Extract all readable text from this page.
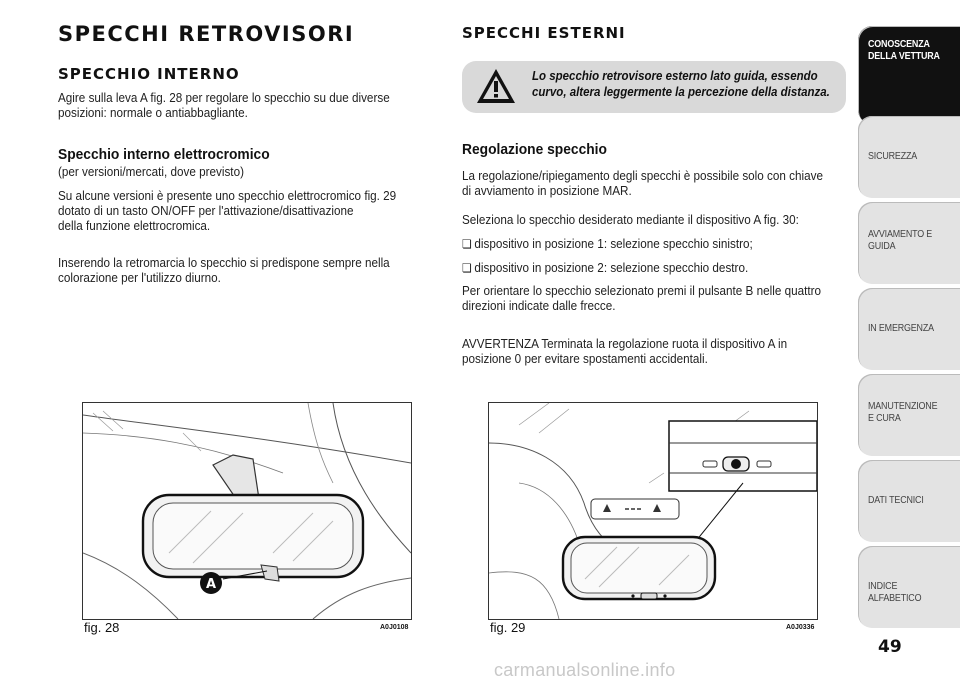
SPECCHI RETROVISORI
SPECCHIO INTERNO

Agire sulla leva A fig. 28 per regolare lo specchio su due diverse

posizioni: normale o antiabbagliante.

Specchio interno elettrocromico

(per versioni/mercati, dove previsto)

Su alcune versioni è presente uno specchio elettrocromico fig. 29

dotato di un tasto ON/OFF per l'attivazione/disattivazione

della funzione elettrocromica.

Inserendo la retromarcia lo specchio si predispone sempre nella

colorazione per l'utilizzo diurno.

SPECCHI ESTERNI
Lo specchio retrovisore esterno lato guida, essendo
curvo, altera leggermente la percezione della distanza.
Regolazione specchio

La regolazione/ripiegamento degli specchi è possibile solo con chiave

di avviamento in posizione MAR.

Seleziona lo specchio desiderato mediante il dispositivo A fig. 30:

❏ dispositivo in posizione 1: selezione specchio sinistro;

❏ dispositivo in posizione 2: selezione specchio destro.

Per orientare lo specchio selezionato premi il pulsante B nelle quattro

direzioni indicate dalle frecce.

AVVERTENZA Terminata la regolazione ruota il dispositivo A in

posizione 0 per evitare spostamenti accidentali.

A
fig. 28	A0J0108	fig. 29	A0J0336
CONOSCENZA DELLA VETTURA
SICUREZZA
AVVIAMENTO E GUIDA
IN EMERGENZA
MANUTENZIONE E CURA
DATI TECNICI
INDICE ALFABETICO
49
carmanualsonline.info
